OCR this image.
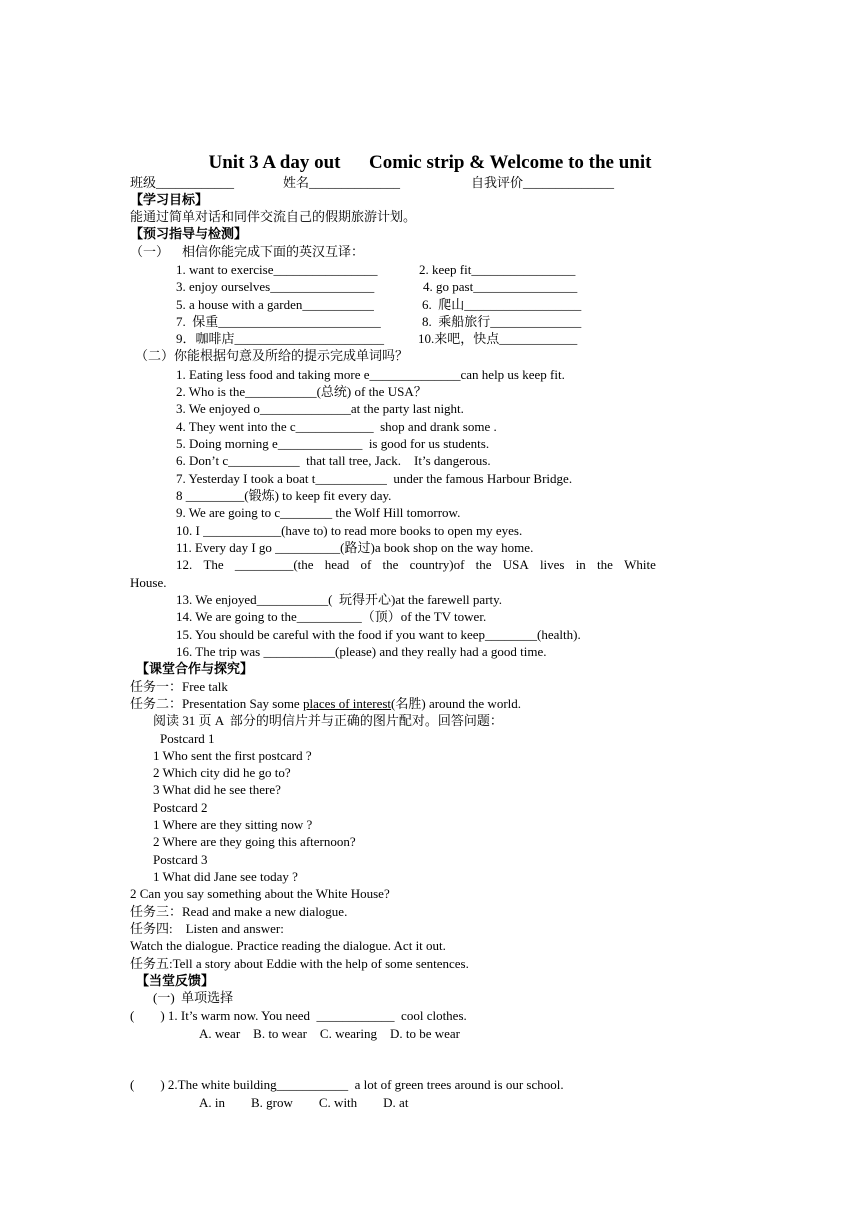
Unit 3 A day out      Comic strip & Welcome to the unit
班级____________	姓名______________	自我评价______________
【学习目标】
能通过简单对话和同伴交流自己的假期旅游计划。
【预习指导与检测】
（一）    相信你能完成下面的英汉互译：
1. want to exercise________________	2. keep fit________________
3. enjoy ourselves________________	4. go past________________
5. a house with a garden___________	6.  爬山__________________
7.  保重_________________________	8.  乘船旅行______________
9．咖啡店_______________________	10.来吧，快点____________
（二）你能根据句意及所给的提示完成单词吗？
1. Eating less food and taking more e______________can help us keep fit.
2. Who is the___________(总统) of the USA？
3. We enjoyed o______________at the party last night.
4. They went into the c____________  shop and drank some .
5. Doing morning e_____________  is good for us students.
6. Don’t c___________  that tall tree, Jack.    It’s dangerous.
7. Yesterday I took a boat t___________  under the famous Harbour Bridge.
8 _________(锻炼) to keep fit every day.
9. We are going to c________ the Wolf Hill tomorrow.
10. I ____________(have to) to read more books to open my eyes.
11. Every day I go __________(路过)a book shop on the way home.
12. The _________(the head of the country)of the USA lives in the White
House.
13. We enjoyed___________(  玩得开心)at the farewell party.
14. We are going to the__________（顶）of the TV tower.
15. You should be careful with the food if you want to keep________(health).
16. The trip was ___________(please) and they really had a good time.
【课堂合作与探究】
任务一：Free talk
任务二：Presentation Say some places of interest(名胜) around the world.
阅读 31 页 A  部分的明信片并与正确的图片配对。回答问题：
Postcard 1
1 Who sent the first postcard ?
2 Which city did he go to?
3 What did he see there?
Postcard 2
1 Where are they sitting now ?
2 Where are they going this afternoon?
Postcard 3
1 What did Jane see today ?
2 Can you say something about the White House?
任务三：Read and make a new dialogue.
任务四:    Listen and answer:
Watch the dialogue. Practice reading the dialogue. Act it out.
任务五:Tell a story about Eddie with the help of some sentences.
【当堂反馈】
(一)  单项选择
(        ) 1. It’s warm now. You need  ____________  cool clothes.
A. wear    B. to wear    C. wearing    D. to be wear
(        ) 2.The white building___________  a lot of green trees around is our school.
A. in        B. grow        C. with        D. at
